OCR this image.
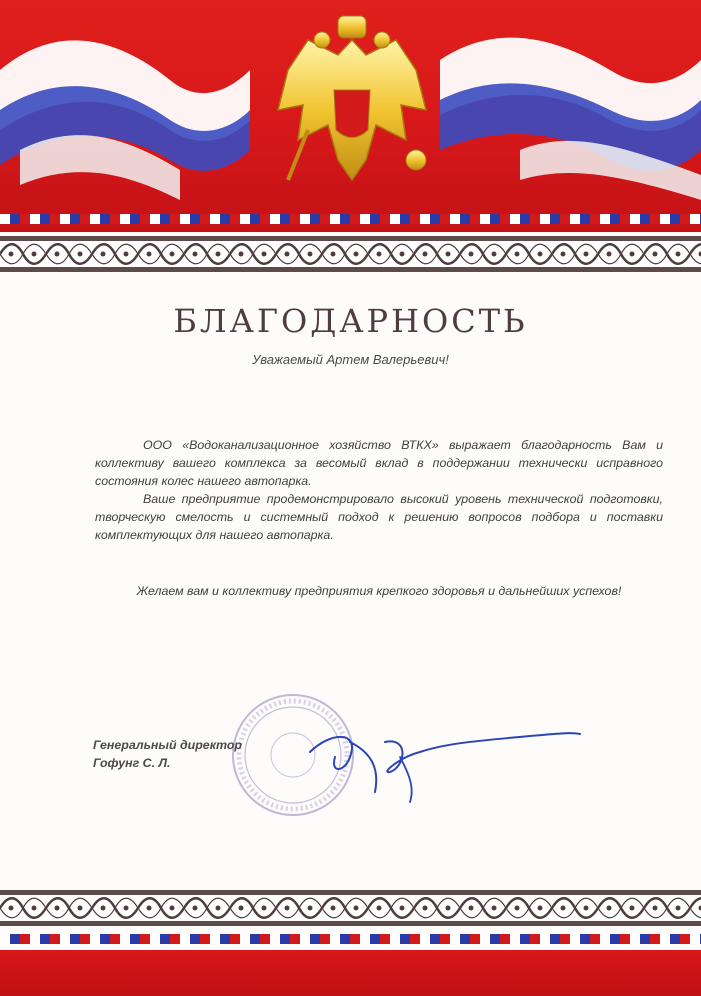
БЛАГОДАРНОСТЬ
Уважаемый Артем Валерьевич!

ООО «Водоканализационное хозяйство ВТКХ» выражает благодарность Вам и коллективу вашего комплекса за весомый вклад в поддержании технически исправного состояния колес нашего автопарка.

Ваше предприятие продемонстрировало высокий уровень технической подготовки, творческую смелость и системный подход к решению вопросов подбора и поставки комплектующих для нашего автопарка.

Желаем вам и коллективу предприятия крепкого здоровья и дальнейших успехов!
Генеральный директор
Гофунг С. Л.
